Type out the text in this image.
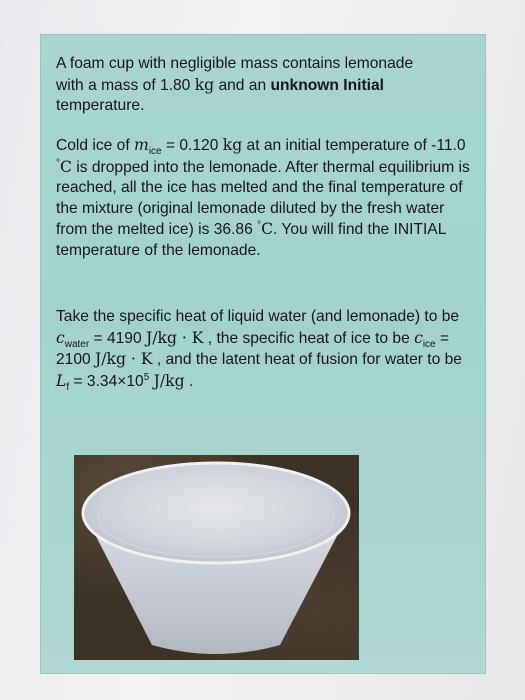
A foam cup with negligible mass contains lemonade
with a mass of 1.80 kg and an unknown Initial
temperature.
Cold ice of $m_{ice} = 0.120$ kg at an initial temperature of -11.0 °C is dropped into the lemonade. After thermal equilibrium is reached, all the ice has melted and the final temperature of the mixture (original lemonade diluted by the fresh water from the melted ice) is 36.86 °C. You will find the INITIAL temperature of the lemonade.
Take the specific heat of liquid water (and lemonade) to be $c_{water} = 4190$ J/kg · K , the specific heat of ice to be $c_{ice} = 2100$ J/kg · K , and the latent heat of fusion for water to be $L_f = 3.34\times 10^5$ J/kg .
